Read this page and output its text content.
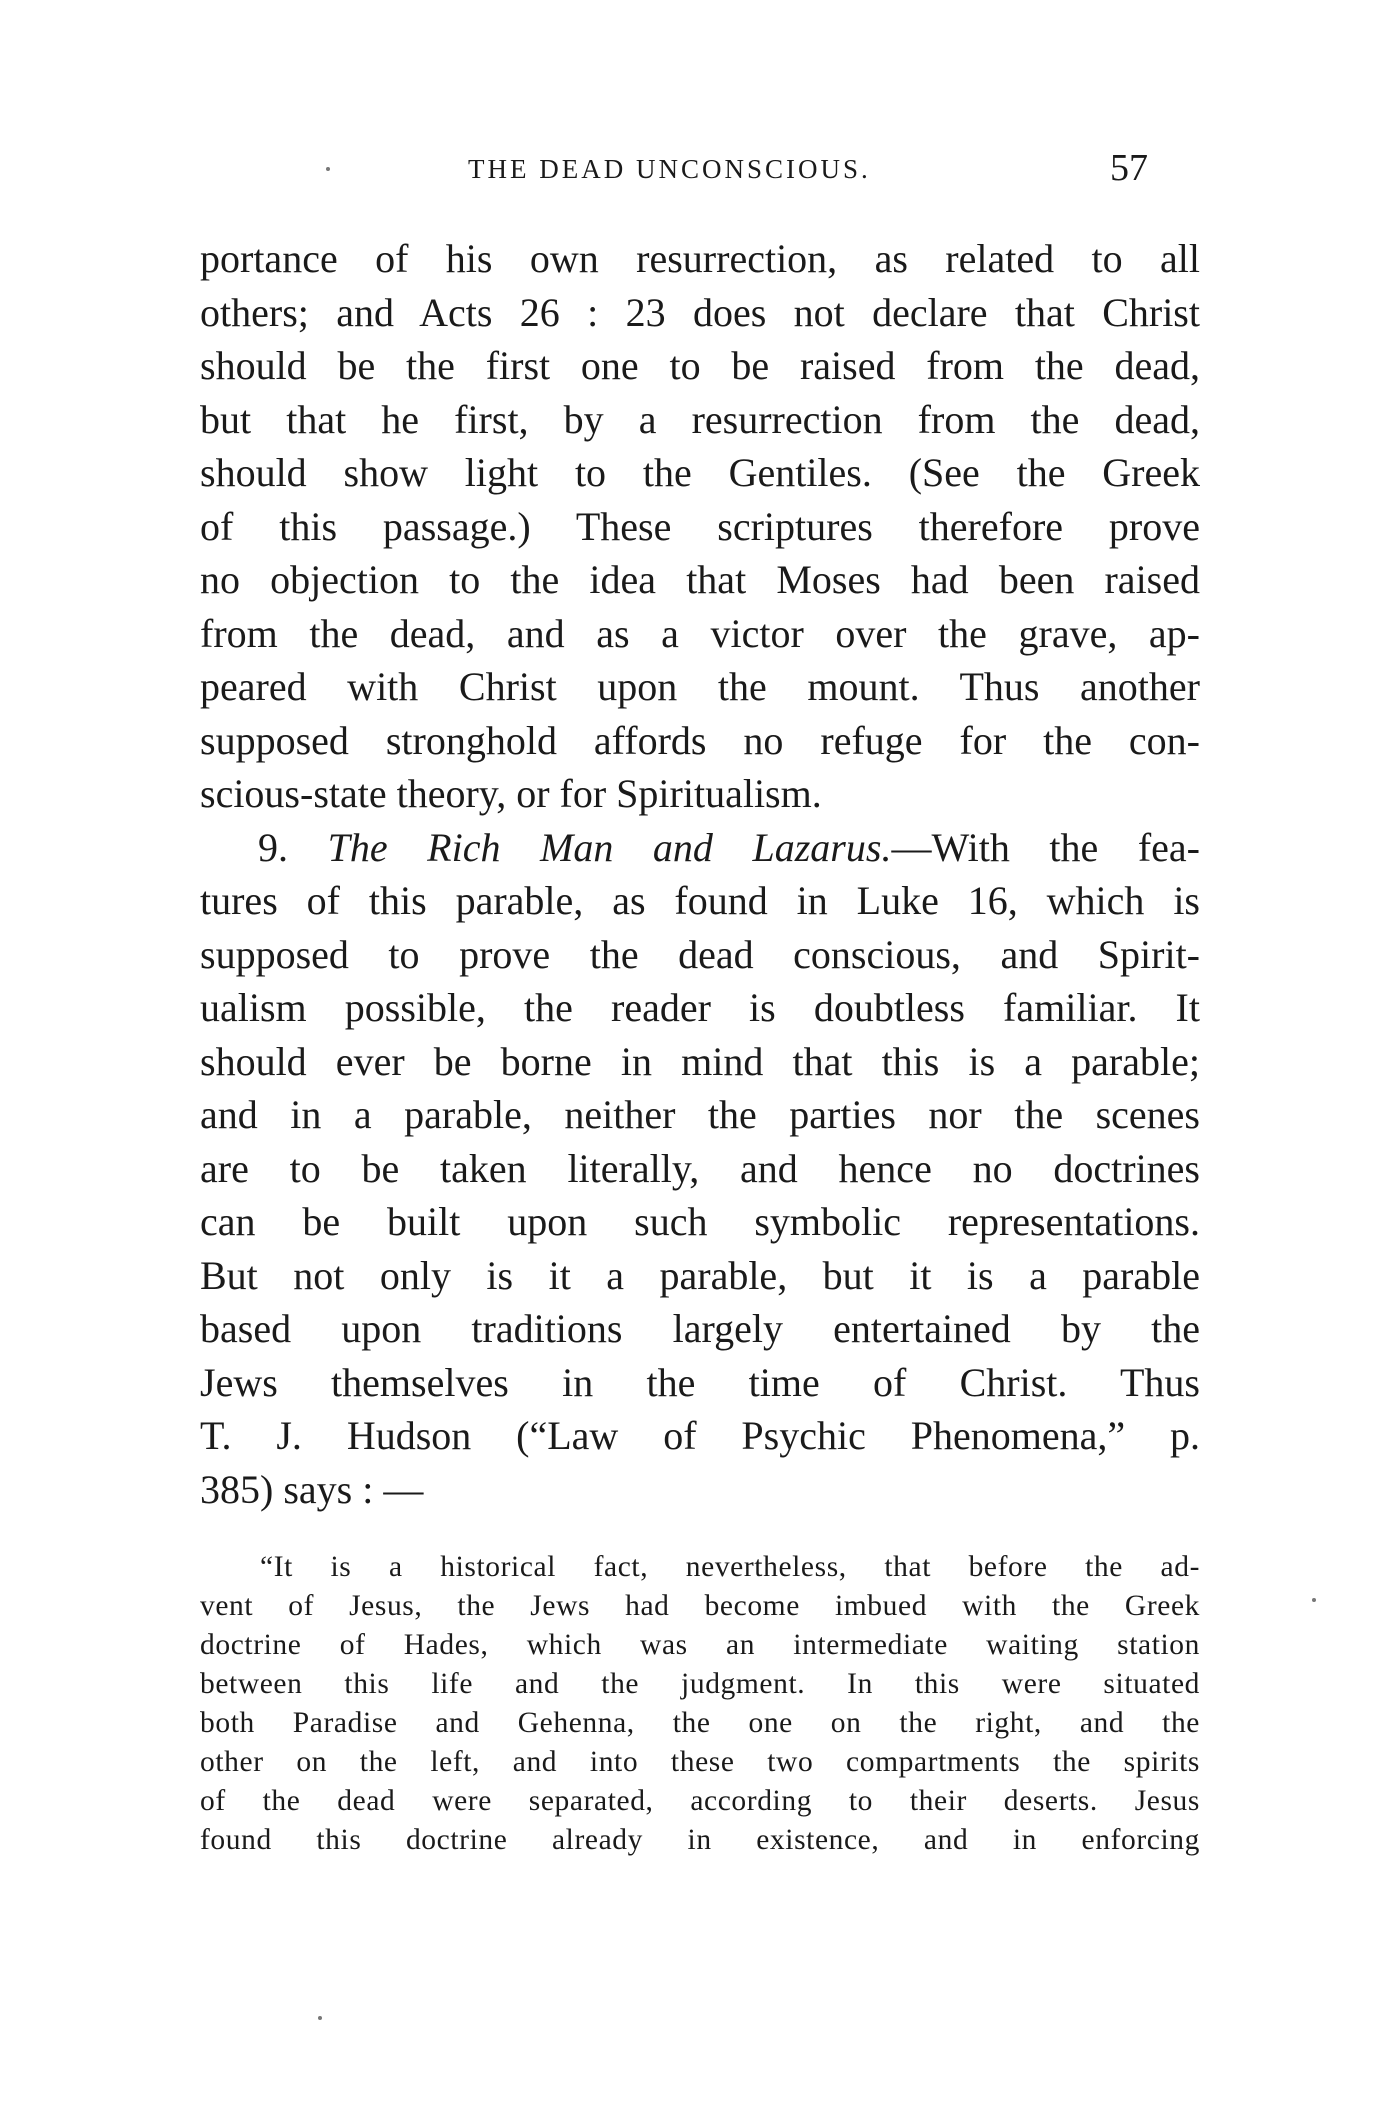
THE DEAD UNCONSCIOUS.	57
portance of his own resurrection, as related to all
others; and Acts 26 : 23 does not declare that Christ
should be the first one to be raised from the dead,
but that he first, by a resurrection from the dead,
should show light to the Gentiles. (See the Greek
of this passage.) These scriptures therefore prove
no objection to the idea that Moses had been raised
from the dead, and as a victor over the grave, ap-
peared with Christ upon the mount. Thus another
supposed stronghold affords no refuge for the con-
scious-state theory, or for Spiritualism.
9. The Rich Man and Lazarus.—With the fea-
tures of this parable, as found in Luke 16, which is
supposed to prove the dead conscious, and Spirit-
ualism possible, the reader is doubtless familiar. It
should ever be borne in mind that this is a parable;
and in a parable, neither the parties nor the scenes
are to be taken literally, and hence no doctrines
can be built upon such symbolic representations.
But not only is it a parable, but it is a parable
based upon traditions largely entertained by the
Jews themselves in the time of Christ. Thus
T. J. Hudson (“Law of Psychic Phenomena,” p.
385) says : —
“It is a historical fact, nevertheless, that before the ad-
vent of Jesus, the Jews had become imbued with the Greek
doctrine of Hades, which was an intermediate waiting station
between this life and the judgment. In this were situated
both Paradise and Gehenna, the one on the right, and the
other on the left, and into these two compartments the spirits
of the dead were separated, according to their deserts. Jesus
found this doctrine already in existence, and in enforcing
